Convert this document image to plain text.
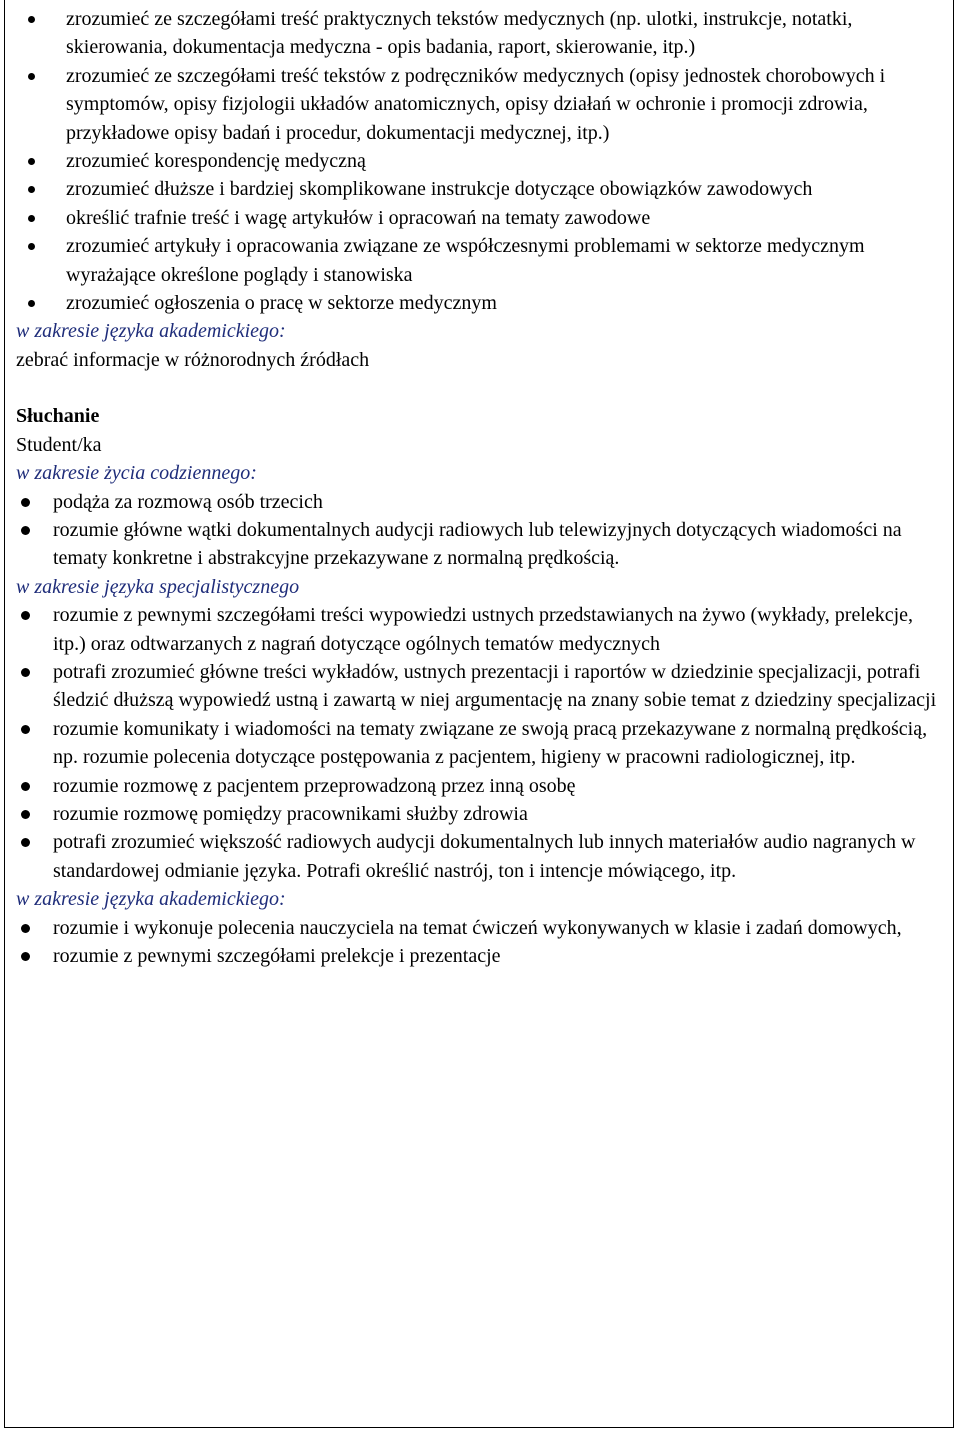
zrozumieć ze szczegółami treść praktycznych tekstów medycznych (np. ulotki, instrukcje, notatki, skierowania, dokumentacja medyczna - opis badania, raport, skierowanie, itp.)
zrozumieć ze szczegółami treść tekstów z podręczników medycznych (opisy jednostek chorobowych i symptomów, opisy fizjologii układów anatomicznych, opisy działań w ochronie i promocji zdrowia, przykładowe opisy badań i procedur, dokumentacji medycznej, itp.)
zrozumieć korespondencję medyczną
zrozumieć dłuższe i bardziej skomplikowane instrukcje dotyczące obowiązków zawodowych
określić trafnie treść i wagę artykułów i opracowań na tematy zawodowe
zrozumieć artykuły i opracowania związane ze współczesnymi problemami w sektorze medycznym wyrażające określone poglądy i stanowiska
zrozumieć ogłoszenia o pracę w sektorze medycznym
w zakresie języka akademickiego:
zebrać informacje w różnorodnych źródłach
Słuchanie
Student/ka
w zakresie życia codziennego:
podąża za rozmową osób trzecich
rozumie główne wątki dokumentalnych audycji radiowych lub telewizyjnych dotyczących wiadomości na tematy konkretne i abstrakcyjne przekazywane z normalną prędkością.
w zakresie języka specjalistycznego
rozumie z pewnymi szczegółami treści wypowiedzi ustnych przedstawianych na żywo (wykłady, prelekcje, itp.) oraz odtwarzanych z nagrań dotyczące ogólnych tematów medycznych
potrafi zrozumieć główne treści wykładów, ustnych prezentacji i raportów w dziedzinie specjalizacji, potrafi śledzić dłuższą wypowiedź ustną i zawartą w niej argumentację na znany sobie temat z dziedziny specjalizacji
rozumie komunikaty i wiadomości na tematy związane ze swoją pracą przekazywane z normalną prędkością, np. rozumie polecenia dotyczące postępowania z pacjentem, higieny w pracowni radiologicznej, itp.
rozumie rozmowę z pacjentem przeprowadzoną przez inną osobę
rozumie rozmowę pomiędzy pracownikami służby zdrowia
potrafi zrozumieć większość radiowych audycji dokumentalnych lub innych materiałów audio nagranych w standardowej odmianie języka. Potrafi określić nastrój, ton i intencje mówiącego, itp.
w zakresie języka akademickiego:
rozumie i wykonuje polecenia nauczyciela na temat ćwiczeń wykonywanych w klasie i zadań domowych,
rozumie z pewnymi szczegółami prelekcje i prezentacje
